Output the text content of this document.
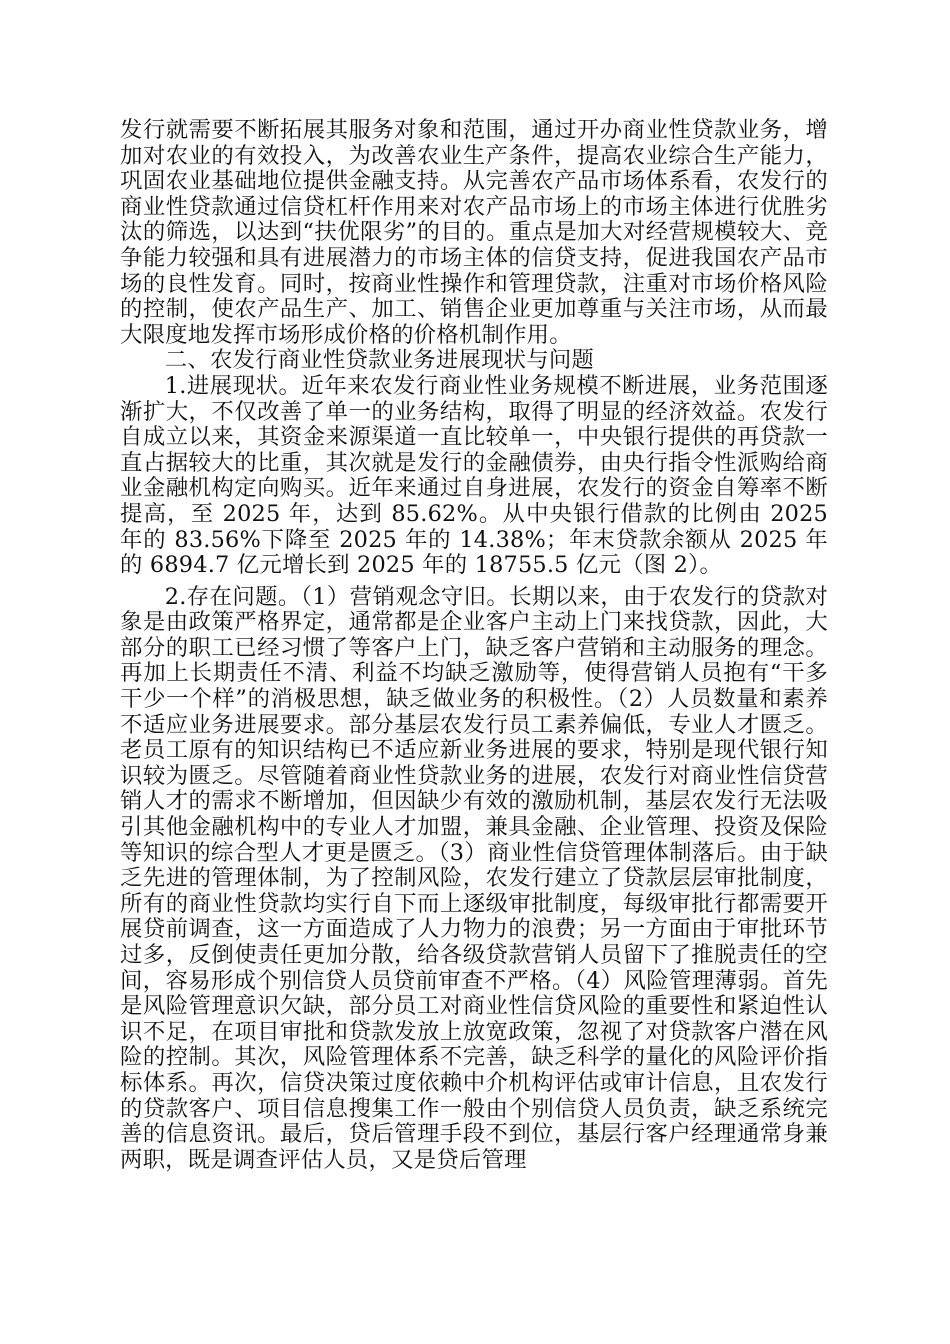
发行就需要不断拓展其服务对象和范围，通过开办商业性贷款业务，增加对农业的有效投入，为改善农业生产条件，提高农业综合生产能力，巩固农业基础地位提供金融支持。从完善农产品市场体系看，农发行的商业性贷款通过信贷杠杆作用来对农产品市场上的市场主体进行优胜劣汰的筛选，以达到“扶优限劣”的目的。重点是加大对经营规模较大、竞争能力较强和具有进展潜力的市场主体的信贷支持，促进我国农产品市场的良性发育。同时，按商业性操作和管理贷款，注重对市场价格风险的控制，使农产品生产、加工、销售企业更加尊重与关注市场，从而最大限度地发挥市场形成价格的价格机制作用。

二、农发行商业性贷款业务进展现状与问题

1.进展现状。近年来农发行商业性业务规模不断进展，业务范围逐渐扩大，不仅改善了单一的业务结构，取得了明显的经济效益。农发行自成立以来，其资金来源渠道一直比较单一，中央银行提供的再贷款一直占据较大的比重，其次就是发行的金融债券，由央行指令性派购给商业金融机构定向购买。近年来通过自身进展，农发行的资金自筹率不断提高，至 2025 年，达到 85.62%。从中央银行借款的比例由 2025 年的 83.56%下降至 2025 年的 14.38%；年末贷款余额从 2025 年的 6894.7 亿元增长到 2025 年的 18755.5 亿元（图 2）。

2.存在问题。（1）营销观念守旧。长期以来，由于农发行的贷款对象是由政策严格界定，通常都是企业客户主动上门来找贷款，因此，大部分的职工已经习惯了等客户上门，缺乏客户营销和主动服务的理念。再加上长期责任不清、利益不均缺乏激励等，使得营销人员抱有“干多干少一个样”的消极思想，缺乏做业务的积极性。（2）人员数量和素养不适应业务进展要求。部分基层农发行员工素养偏低，专业人才匮乏。老员工原有的知识结构已不适应新业务进展的要求，特别是现代银行知识较为匮乏。尽管随着商业性贷款业务的进展，农发行对商业性信贷营销人才的需求不断增加，但因缺少有效的激励机制，基层农发行无法吸引其他金融机构中的专业人才加盟，兼具金融、企业管理、投资及保险等知识的综合型人才更是匮乏。（3）商业性信贷管理体制落后。由于缺乏先进的管理体制，为了控制风险，农发行建立了贷款层层审批制度，所有的商业性贷款均实行自下而上逐级审批制度，每级审批行都需要开展贷前调查，这一方面造成了人力物力的浪费；另一方面由于审批环节过多，反倒使责任更加分散，给各级贷款营销人员留下了推脱责任的空间，容易形成个别信贷人员贷前审查不严格。（4）风险管理薄弱。首先是风险管理意识欠缺，部分员工对商业性信贷风险的重要性和紧迫性认识不足，在项目审批和贷款发放上放宽政策，忽视了对贷款客户潜在风险的控制。其次，风险管理体系不完善，缺乏科学的量化的风险评价指标体系。再次，信贷决策过度依赖中介机构评估或审计信息，且农发行的贷款客户、项目信息搜集工作一般由个别信贷人员负责，缺乏系统完善的信息资讯。最后，贷后管理手段不到位，基层行客户经理通常身兼两职，既是调查评估人员，又是贷后管理
